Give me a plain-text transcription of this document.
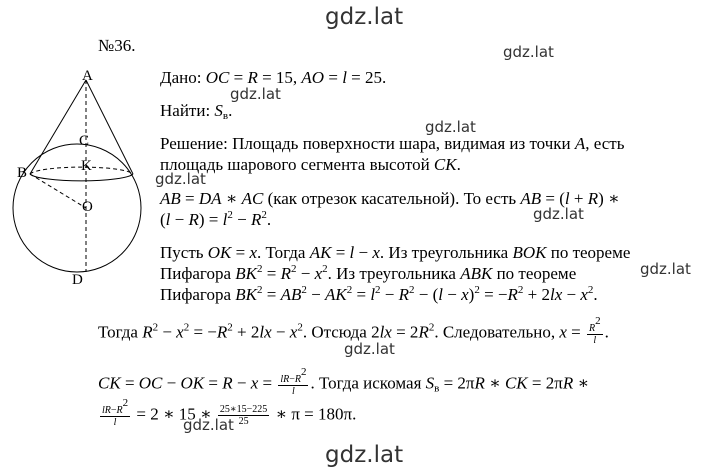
gdz.lat
gdz.lat
gdz.lat
gdz.lat
gdz.lat
gdz.lat
gdz.lat
gdz.lat
gdz.lat
gdz.lat
№36.
A
C
K
B
O
D
Дано: OC = R = 15, AO = l = 25.
Найти: $S_в$.
Решение: Площадь поверхности шара, видимая из точки A, есть
площадь шарового сегмента высотой CK.
AB = DA ∗ AC (как отрезок касательной). То есть AB = (l + R) ∗
$(l - R) = l^2 - R^2$.
Пусть OK = x. Тогда AK = l − x. Из треугольника BOK по теореме
Пифагора $BK^2 = R^2 - x^2$. Из треугольника ABK по теореме
Пифагора $BK^2 = AB^2 - AK^2 = l^2 - R^2 - (l - x)^2 = -R^2 + 2lx - x^2$.
Тогда $R^2 - x^2 = -R^2 + 2lx - x^2$. Отсюда $2lx = 2R^2$. Следовательно, $x = \frac{R^2}{l}$ .
CK = OC − OK = $R - x = \frac{lR-R^2}{l}$ . Тогда искомая $S_в = 2\pi R$ ∗ CK = 2πR ∗
$\frac{lR-R^2}{l} = 2$ ∗ 15 ∗ $\frac{25∗15-225}{25}$ ∗ π = 180π.
